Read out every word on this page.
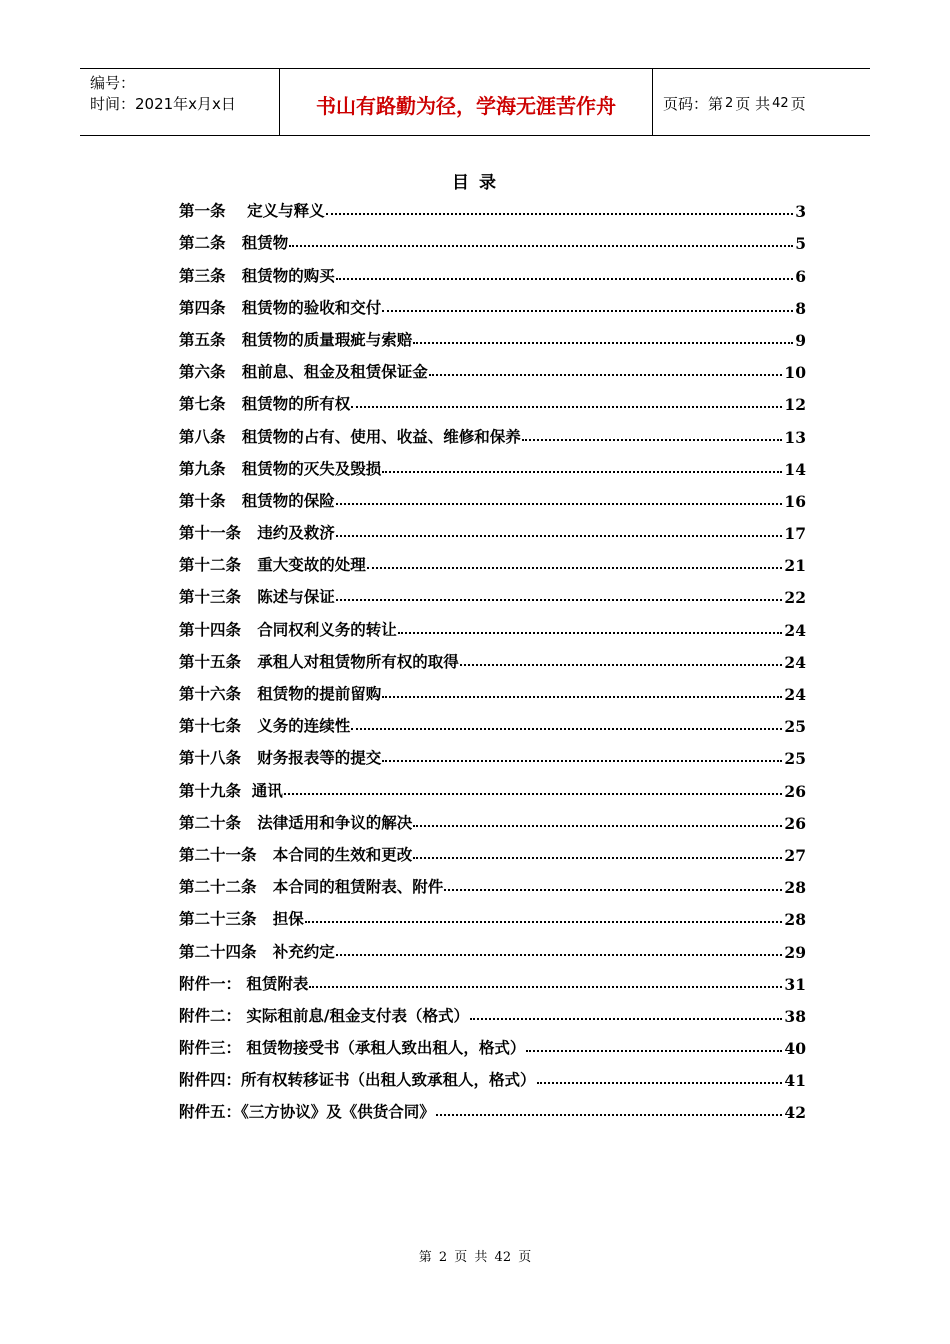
编号：
时间：2021年x月x日	书山有路勤为径，学海无涯苦作舟	页码：第 2 页 共 42 页
目 录
第一条    定义与释义	3
第二条   租赁物	5
第三条   租赁物的购买	6
第四条   租赁物的验收和交付	8
第五条   租赁物的质量瑕疵与索赔	9
第六条   租前息、租金及租赁保证金	10
第七条   租赁物的所有权	12
第八条   租赁物的占有、使用、收益、维修和保养	13
第九条   租赁物的灭失及毁损	14
第十条   租赁物的保险	16
第十一条   违约及救济	17
第十二条   重大变故的处理	21
第十三条   陈述与保证	22
第十四条   合同权利义务的转让	24
第十五条   承租人对租赁物所有权的取得	24
第十六条   租赁物的提前留购	24
第十七条   义务的连续性	25
第十八条   财务报表等的提交	25
第十九条  通讯	26
第二十条   法律适用和争议的解决	26
第二十一条   本合同的生效和更改	27
第二十二条   本合同的租赁附表、附件	28
第二十三条   担保	28
第二十四条   补充约定	29
附件一： 租赁附表	31
附件二： 实际租前息/租金支付表（格式）	38
附件三： 租赁物接受书（承租人致出租人，格式）	40
附件四：所有权转移证书（出租人致承租人，格式）	41
附件五：《三方协议》及《供货合同》	42
第 2 页 共 42 页
